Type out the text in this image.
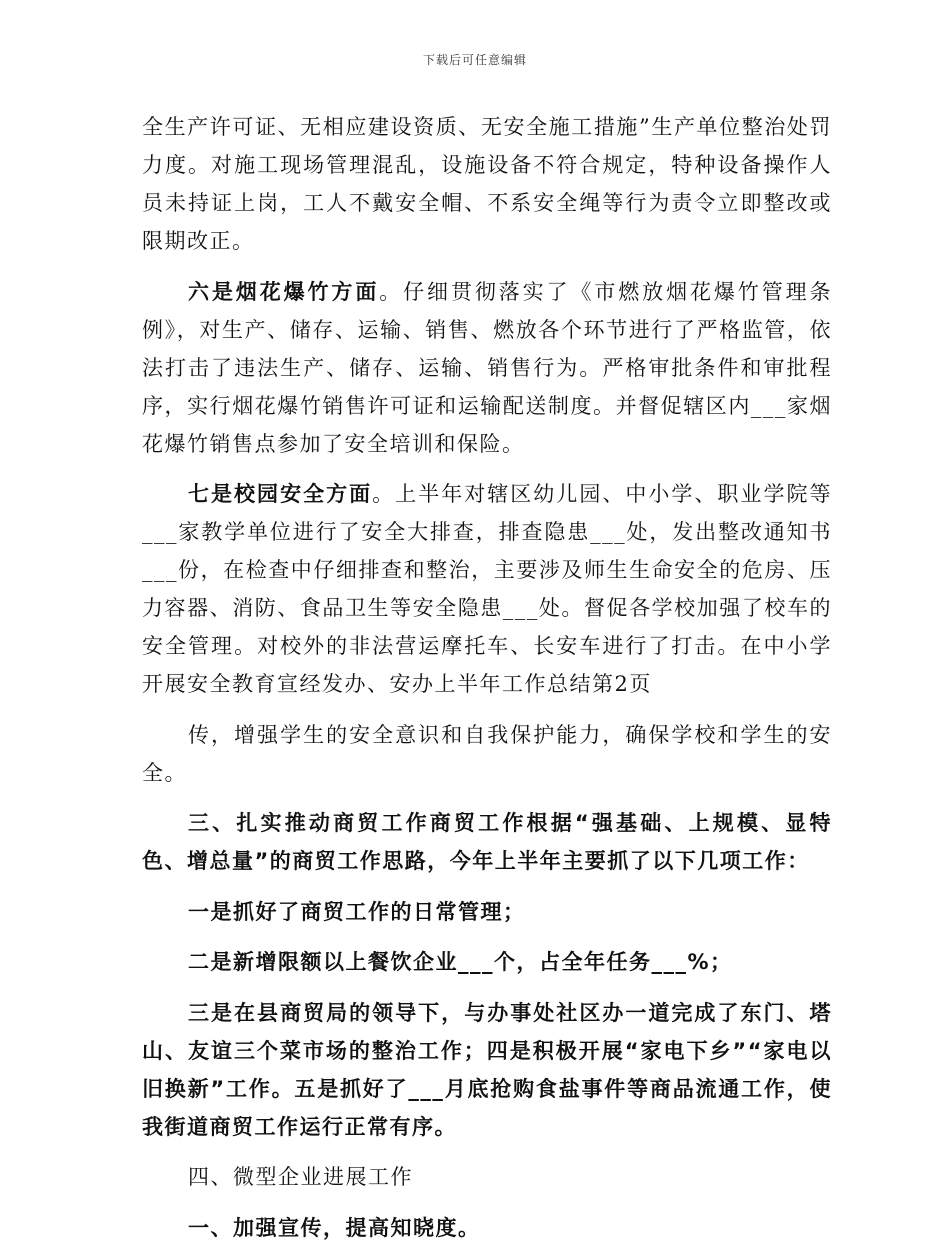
下载后可任意编辑

全生产许可证、无相应建设资质、无安全施工措施”生产单位整治处罚力度。对施工现场管理混乱，设施设备不符合规定，特种设备操作人员未持证上岗，工人不戴安全帽、不系安全绳等行为责令立即整改或限期改正。

六是烟花爆竹方面。仔细贯彻落实了《市燃放烟花爆竹管理条例》，对生产、储存、运输、销售、燃放各个环节进行了严格监管，依法打击了违法生产、储存、运输、销售行为。严格审批条件和审批程序，实行烟花爆竹销售许可证和运输配送制度。并督促辖区内___家烟花爆竹销售点参加了安全培训和保险。

七是校园安全方面。上半年对辖区幼儿园、中小学、职业学院等___家教学单位进行了安全大排查，排查隐患___处，发出整改通知书___份，在检查中仔细排查和整治，主要涉及师生生命安全的危房、压力容器、消防、食品卫生等安全隐患___处。督促各学校加强了校车的安全管理。对校外的非法营运摩托车、长安车进行了打击。在中小学开展安全教育宣经发办、安办上半年工作总结第2页

传，增强学生的安全意识和自我保护能力，确保学校和学生的安全。

三、扎实推动商贸工作商贸工作根据“强基础、上规模、显特色、增总量”的商贸工作思路，今年上半年主要抓了以下几项工作：

一是抓好了商贸工作的日常管理；

二是新增限额以上餐饮企业___个，占全年任务___%；

三是在县商贸局的领导下，与办事处社区办一道完成了东门、塔山、友谊三个菜市场的整治工作；四是积极开展“家电下乡”“家电以旧换新”工作。五是抓好了___月底抢购食盐事件等商品流通工作，使我街道商贸工作运行正常有序。

四、微型企业进展工作

一、加强宣传，提高知晓度。
